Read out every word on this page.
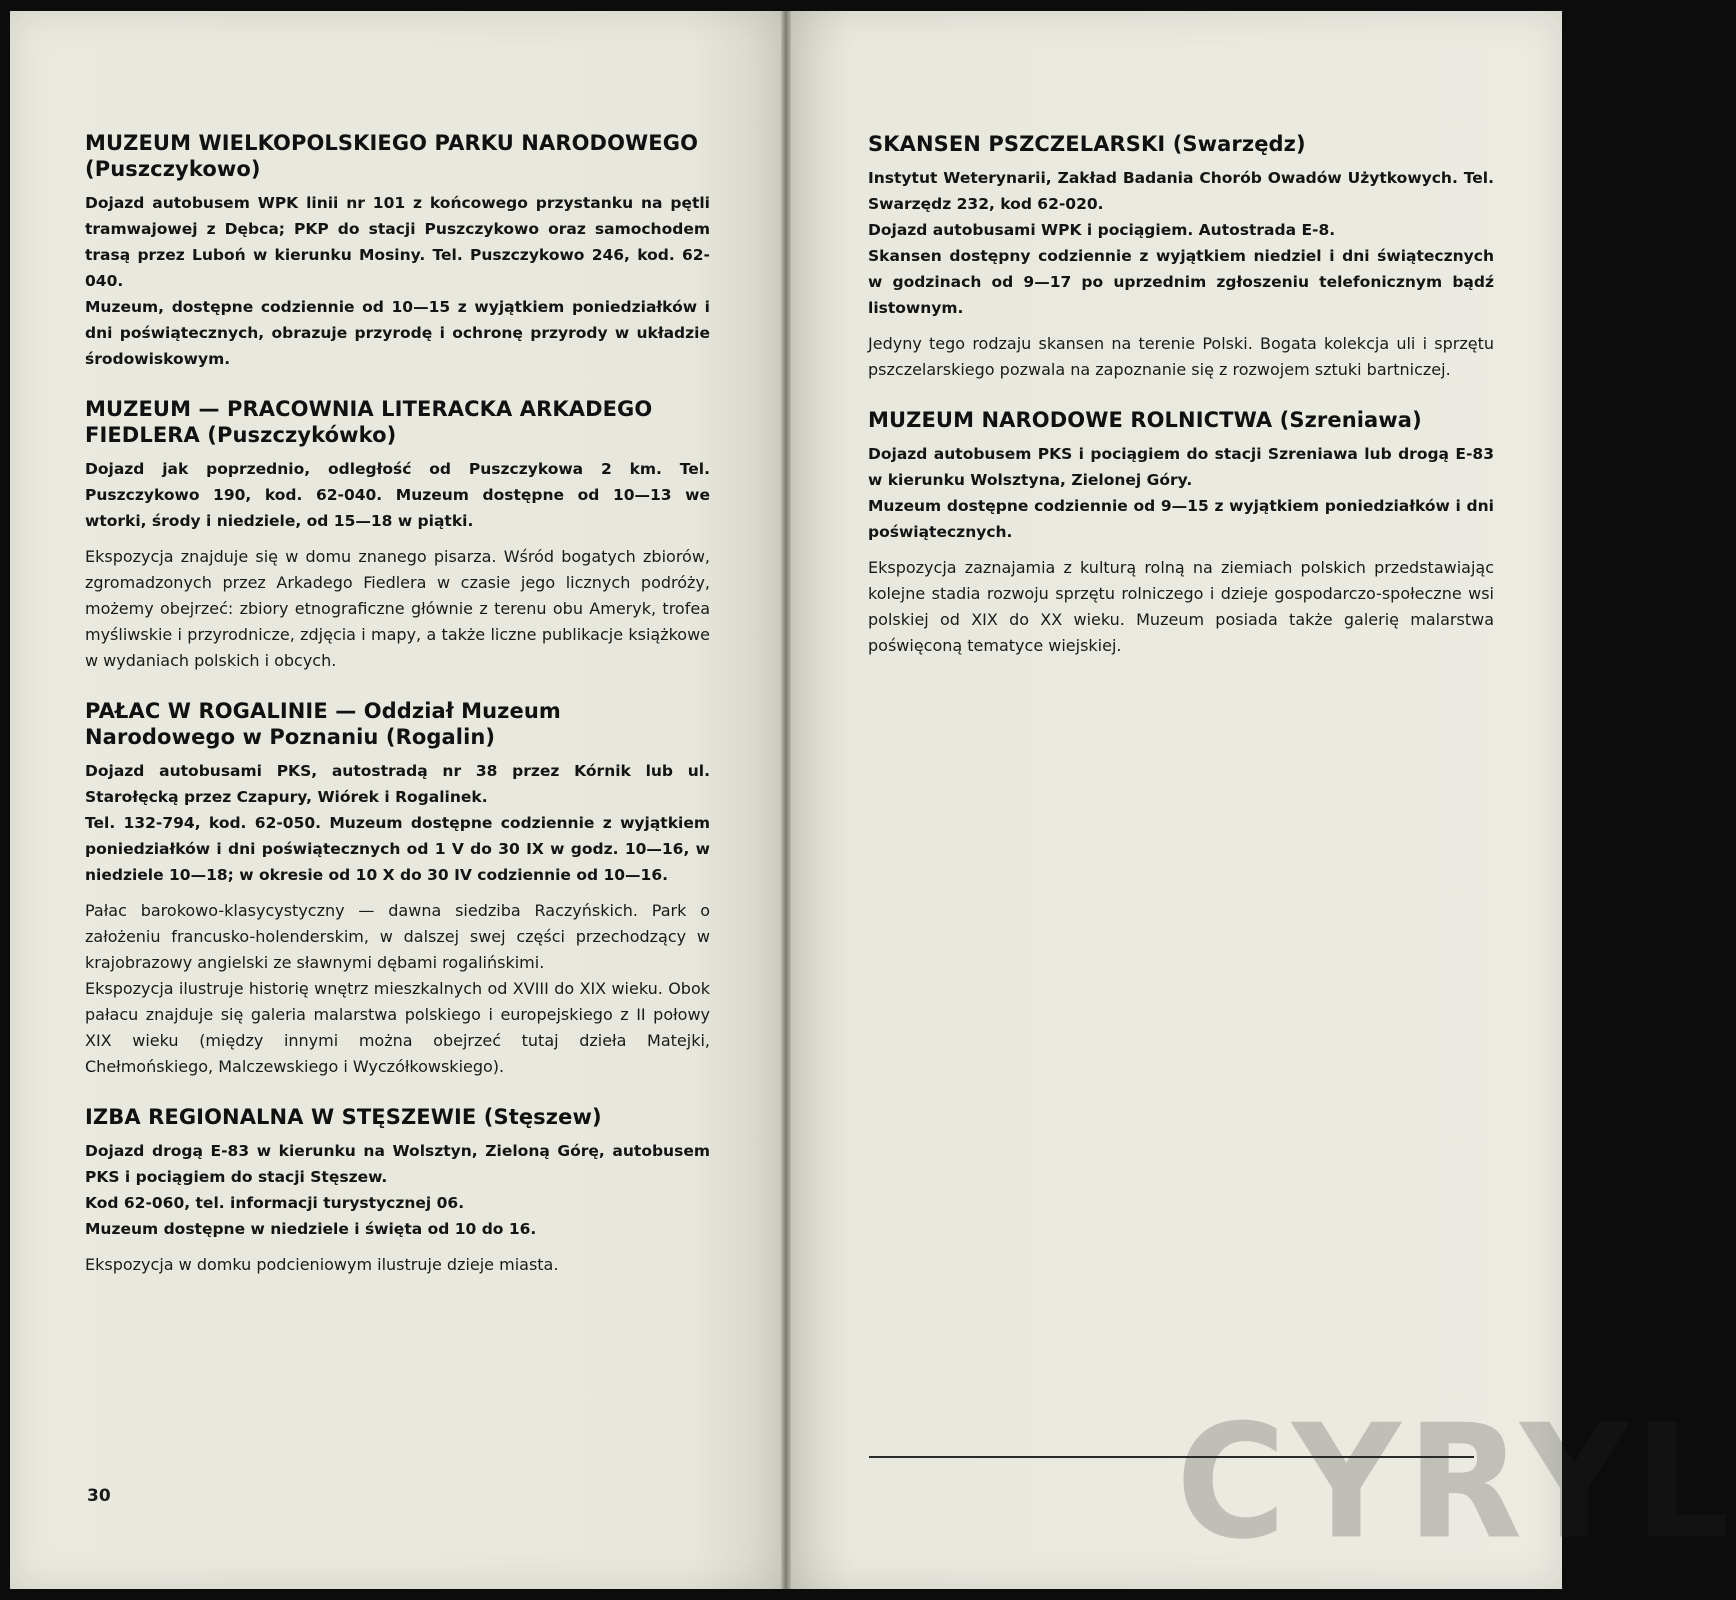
MUZEUM WIELKOPOLSKIEGO PARKU NARODOWEGO (Puszczykowo)

Dojazd autobusem WPK linii nr 101 z końcowego przystanku na pętli tramwajowej z Dębca; PKP do stacji Puszczykowo oraz samochodem trasą przez Luboń w kierunku Mosiny. Tel. Puszczykowo 246, kod. 62-040.

Muzeum, dostępne codziennie od 10—15 z wyjątkiem poniedziałków i dni poświątecznych, obrazuje przyrodę i ochronę przyrody w układzie środowiskowym.

MUZEUM — PRACOWNIA LITERACKA ARKADEGO FIEDLERA (Puszczykówko)

Dojazd jak poprzednio, odległość od Puszczykowa 2 km. Tel. Puszczykowo 190, kod. 62-040. Muzeum dostępne od 10—13 we wtorki, środy i niedziele, od 15—18 w piątki.

Ekspozycja znajduje się w domu znanego pisarza. Wśród bogatych zbiorów, zgromadzonych przez Arkadego Fiedlera w czasie jego licznych podróży, możemy obejrzeć: zbiory etnograficzne głównie z terenu obu Ameryk, trofea myśliwskie i przyrodnicze, zdjęcia i mapy, a także liczne publikacje książkowe w wydaniach polskich i obcych.

PAŁAC W ROGALINIE — Oddział Muzeum Narodowego w Poznaniu (Rogalin)

Dojazd autobusami PKS, autostradą nr 38 przez Kórnik lub ul. Starołęcką przez Czapury, Wiórek i Rogalinek.

Tel. 132-794, kod. 62-050. Muzeum dostępne codziennie z wyjątkiem poniedziałków i dni poświątecznych od 1 V do 30 IX w godz. 10—16, w niedziele 10—18; w okresie od 10 X do 30 IV codziennie od 10—16.

Pałac barokowo-klasycystyczny — dawna siedziba Raczyńskich. Park o założeniu francusko-holenderskim, w dalszej swej części przechodzący w krajobrazowy angielski ze sławnymi dębami rogalińskimi.

Ekspozycja ilustruje historię wnętrz mieszkalnych od XVIII do XIX wieku. Obok pałacu znajduje się galeria malarstwa polskiego i europejskiego z II połowy XIX wieku (między innymi można obejrzeć tutaj dzieła Matejki, Chełmońskiego, Malczewskiego i Wyczółkowskiego).

IZBA REGIONALNA W STĘSZEWIE (Stęszew)

Dojazd drogą E-83 w kierunku na Wolsztyn, Zieloną Górę, autobusem PKS i pociągiem do stacji Stęszew.

Kod 62-060, tel. informacji turystycznej 06.

Muzeum dostępne w niedziele i święta od 10 do 16.

Ekspozycja w domku podcieniowym ilustruje dzieje miasta.

30
SKANSEN PSZCZELARSKI (Swarzędz)

Instytut Weterynarii, Zakład Badania Chorób Owadów Użytkowych. Tel. Swarzędz 232, kod 62-020.

Dojazd autobusami WPK i pociągiem. Autostrada E-8.

Skansen dostępny codziennie z wyjątkiem niedziel i dni świątecznych w godzinach od 9—17 po uprzednim zgłoszeniu telefonicznym bądź listownym.

Jedyny tego rodzaju skansen na terenie Polski. Bogata kolekcja uli i sprzętu pszczelarskiego pozwala na zapoznanie się z rozwojem sztuki bartniczej.

MUZEUM NARODOWE ROLNICTWA (Szreniawa)

Dojazd autobusem PKS i pociągiem do stacji Szreniawa lub drogą E-83 w kierunku Wolsztyna, Zielonej Góry.

Muzeum dostępne codziennie od 9—15 z wyjątkiem poniedziałków i dni poświątecznych.

Ekspozycja zaznajamia z kulturą rolną na ziemiach polskich przedstawiając kolejne stadia rozwoju sprzętu rolniczego i dzieje gospodarczo-społeczne wsi polskiej od XIX do XX wieku. Muzeum posiada także galerię malarstwa poświęconą tematyce wiejskiej.

CYRYL
